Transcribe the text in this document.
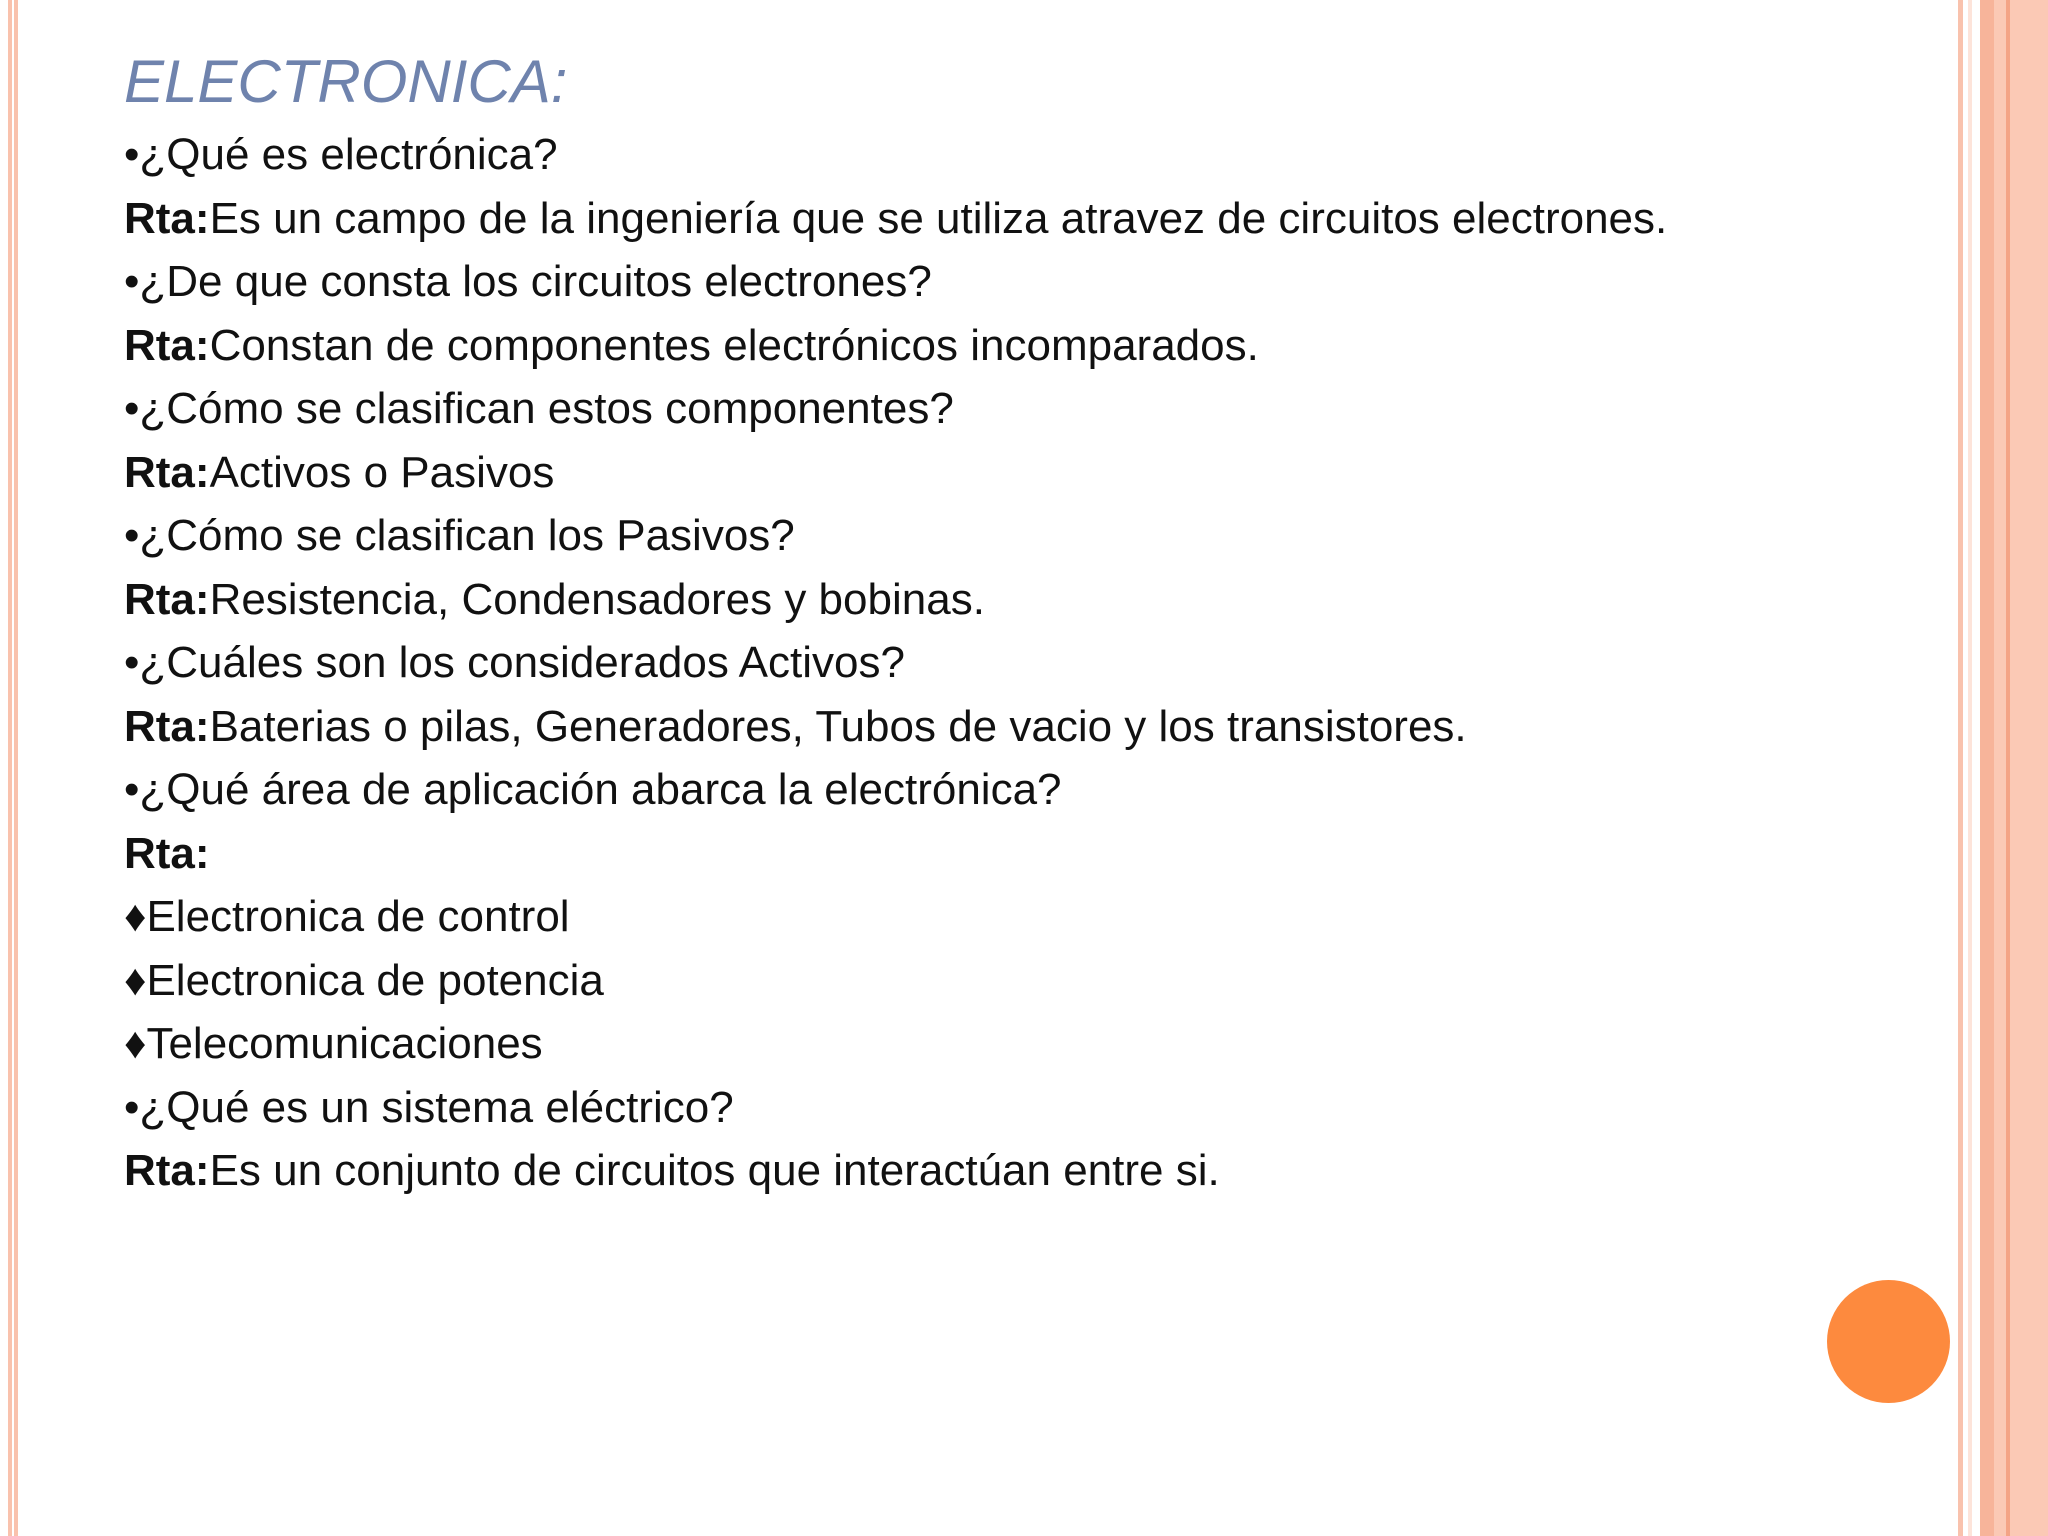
ELECTRONICA:
•¿Qué es electrónica?
Rta:Es un campo de la ingeniería que se utiliza atravez de circuitos electrones.
•¿De que consta los circuitos electrones?
Rta:Constan de componentes electrónicos incomparados.
•¿Cómo se clasifican estos componentes?
Rta:Activos o Pasivos
•¿Cómo se clasifican los Pasivos?
Rta:Resistencia, Condensadores y bobinas.
•¿Cuáles son los considerados Activos?
Rta:Baterias o pilas, Generadores, Tubos de vacio y los transistores.
•¿Qué área de aplicación abarca la electrónica?
Rta:
♦Electronica de control
♦Electronica de potencia
♦Telecomunicaciones
•¿Qué es un sistema eléctrico?
Rta:Es un conjunto de circuitos que interactúan entre si.
